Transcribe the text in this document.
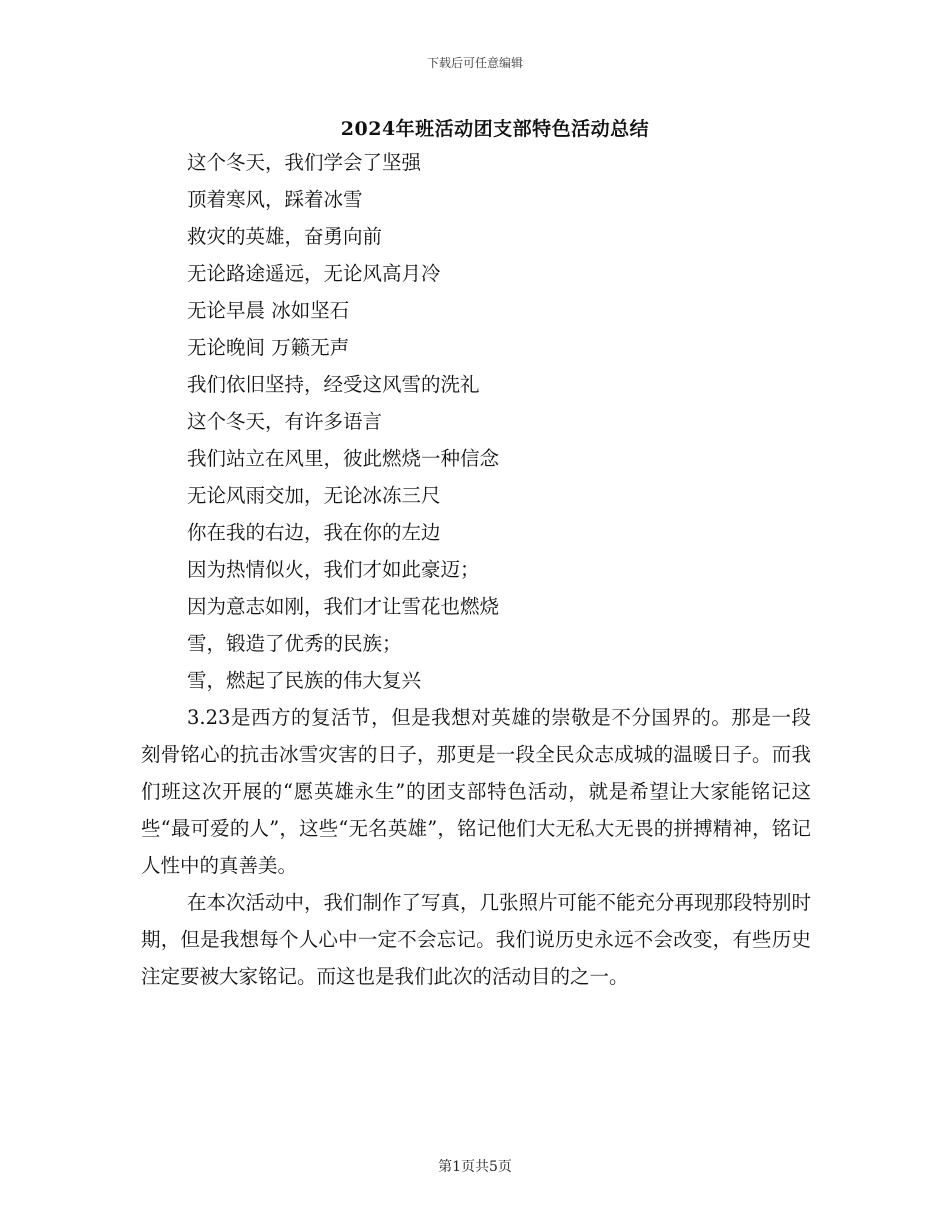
下载后可任意编辑
2024年班活动团支部特色活动总结
这个冬天，我们学会了坚强
顶着寒风，踩着冰雪
救灾的英雄，奋勇向前
无论路途遥远，无论风高月冷
无论早晨 冰如坚石
无论晚间 万籁无声
我们依旧坚持，经受这风雪的洗礼
这个冬天，有许多语言
我们站立在风里，彼此燃烧一种信念
无论风雨交加，无论冰冻三尺
你在我的右边，我在你的左边
因为热情似火，我们才如此豪迈；
因为意志如刚，我们才让雪花也燃烧
雪，锻造了优秀的民族；
雪，燃起了民族的伟大复兴

3.23是西方的复活节，但是我想对英雄的崇敬是不分国界的。那是一段刻骨铭心的抗击冰雪灾害的日子，那更是一段全民众志成城的温暖日子。而我们班这次开展的“愿英雄永生”的团支部特色活动，就是希望让大家能铭记这些“最可爱的人”，这些“无名英雄”，铭记他们大无私大无畏的拼搏精神，铭记人性中的真善美。

在本次活动中，我们制作了写真，几张照片可能不能充分再现那段特别时期，但是我想每个人心中一定不会忘记。我们说历史永远不会改变，有些历史注定要被大家铭记。而这也是我们此次的活动目的之一。

第1页共5页
